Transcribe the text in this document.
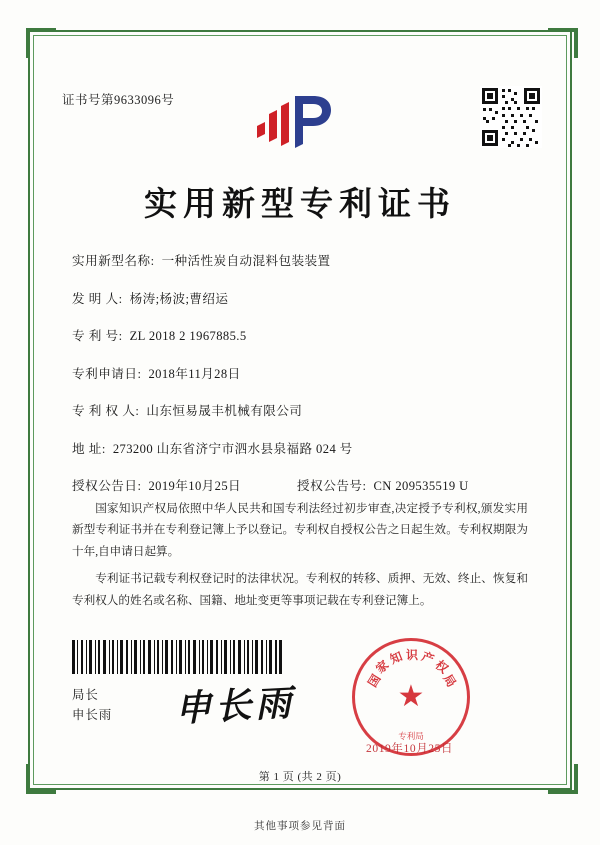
证书号第9633096号
实用新型专利证书
实用新型名称: 一种活性炭自动混料包装装置
发 明 人: 杨涛;杨波;曹绍运
专 利 号: ZL 2018 2 1967885.5
专利申请日: 2018年11月28日
专 利 权 人: 山东恒易晟丰机械有限公司
地 址: 273200 山东省济宁市泗水县泉福路 024 号
授权公告日: 2019年10月25日	授权公告号: CN 209535519 U

国家知识产权局依照中华人民共和国专利法经过初步审查,决定授予专利权,颁发实用新型专利证书并在专利登记簿上予以登记。专利权自授权公告之日起生效。专利权期限为十年,自申请日起算。

专利证书记载专利权登记时的法律状况。专利权的转移、质押、无效、终止、恢复和专利权人的姓名或名称、国籍、地址变更等事项记载在专利登记簿上。

局长
申长雨 申长雨	★
国
家
知 识 产
权
局
专利局
2019年10月25日
第 1 页 (共 2 页)
其他事项参见背面
